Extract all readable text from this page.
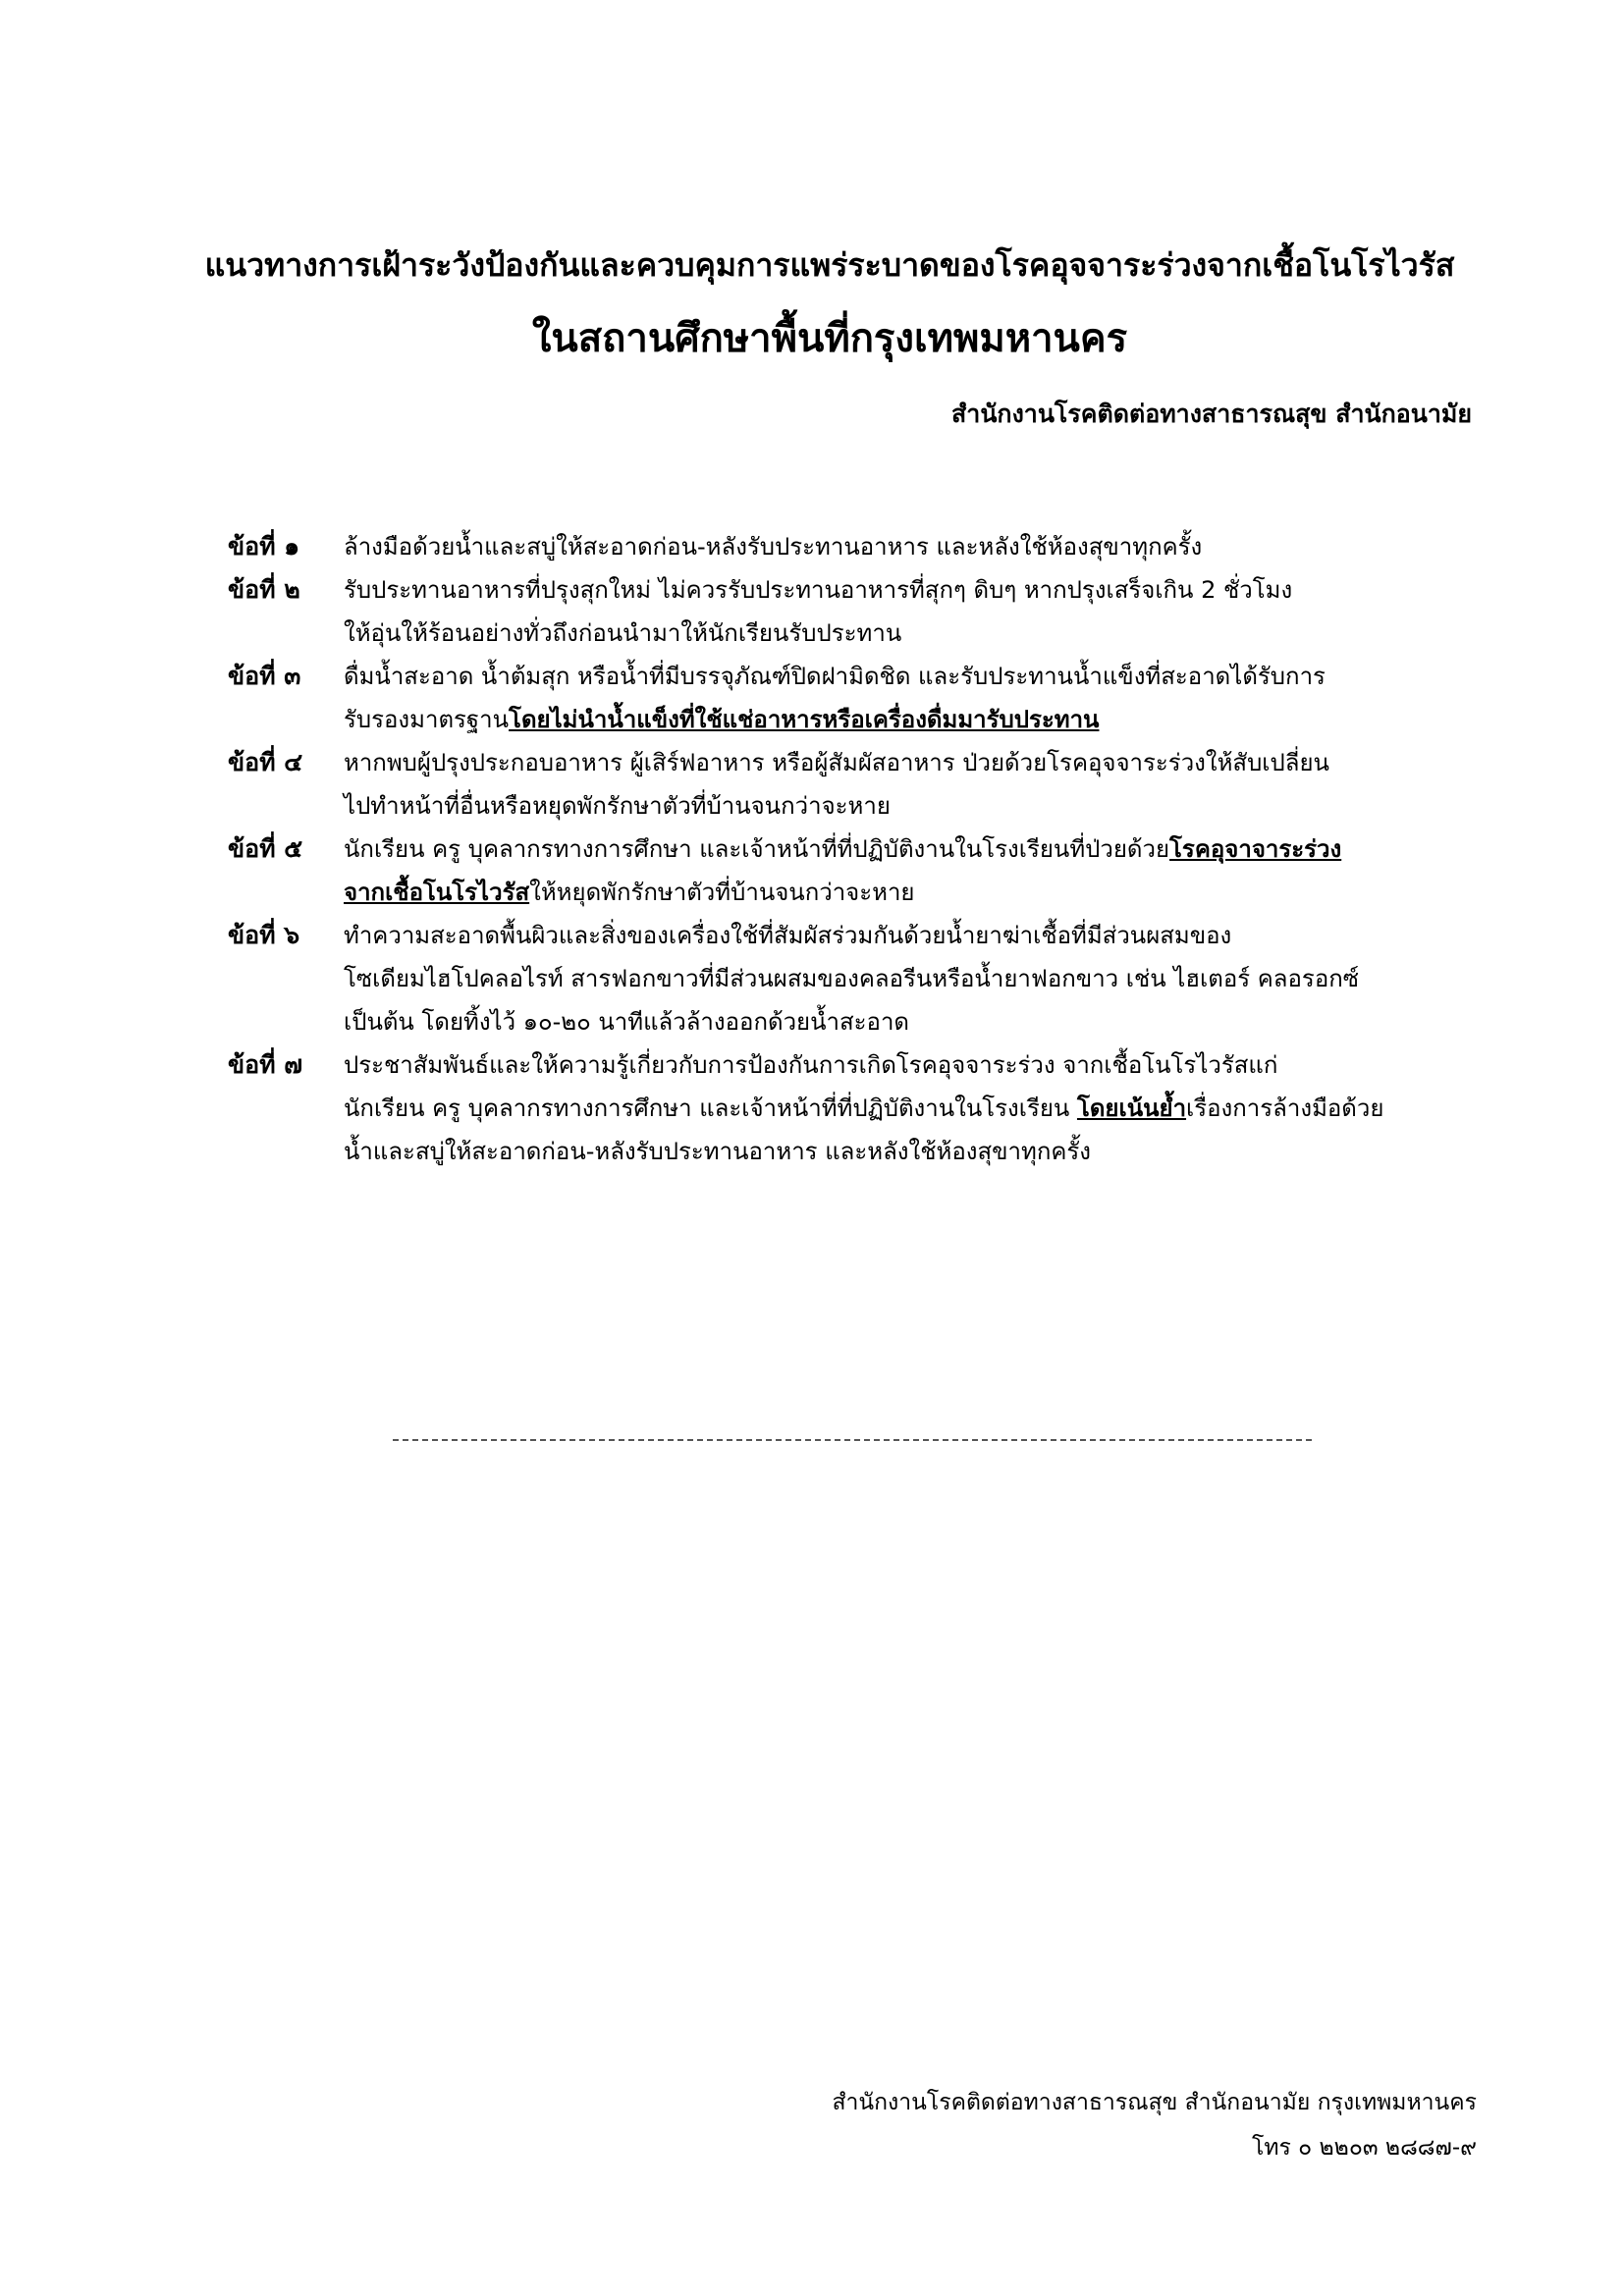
แนวทางการเฝ้าระวังป้องกันและควบคุมการแพร่ระบาดของโรคอุจจาระร่วงจากเชื้อโนโรไวรัส
ในสถานศึกษาพื้นที่กรุงเทพมหานคร
สำนักงานโรคติดต่อทางสาธารณสุข สำนักอนามัย
ข้อที่ ๑	ล้างมือด้วยน้ำและสบู่ให้สะอาดก่อน-หลังรับประทานอาหาร และหลังใช้ห้องสุขาทุกครั้ง
ข้อที่ ๒	รับประทานอาหารที่ปรุงสุกใหม่ ไม่ควรรับประทานอาหารที่สุกๆ ดิบๆ หากปรุงเสร็จเกิน 2 ชั่วโมง
ให้อุ่นให้ร้อนอย่างทั่วถึงก่อนนำมาให้นักเรียนรับประทาน
ข้อที่ ๓	ดื่มน้ำสะอาด น้ำต้มสุก หรือน้ำที่มีบรรจุภัณฑ์ปิดฝามิดชิด และรับประทานน้ำแข็งที่สะอาดได้รับการ
รับรองมาตรฐานโดยไม่นำน้ำแข็งที่ใช้แช่อาหารหรือเครื่องดื่มมารับประทาน
ข้อที่ ๔	หากพบผู้ปรุงประกอบอาหาร ผู้เสิร์ฟอาหาร หรือผู้สัมผัสอาหาร ป่วยด้วยโรคอุจจาระร่วงให้สับเปลี่ยน
ไปทำหน้าที่อื่นหรือหยุดพักรักษาตัวที่บ้านจนกว่าจะหาย
ข้อที่ ๕	นักเรียน ครู บุคลากรทางการศึกษา และเจ้าหน้าที่ที่ปฏิบัติงานในโรงเรียนที่ป่วยด้วยโรคอุจาจาระร่วง
จากเชื้อโนโรไวรัสให้หยุดพักรักษาตัวที่บ้านจนกว่าจะหาย
ข้อที่ ๖	ทำความสะอาดพื้นผิวและสิ่งของเครื่องใช้ที่สัมผัสร่วมกันด้วยน้ำยาฆ่าเชื้อที่มีส่วนผสมของ
โซเดียมไฮโปคลอไรท์ สารฟอกขาวที่มีส่วนผสมของคลอรีนหรือน้ำยาฟอกขาว เช่น ไฮเตอร์ คลอรอกซ์
เป็นต้น โดยทิ้งไว้ ๑๐-๒๐ นาทีแล้วล้างออกด้วยน้ำสะอาด
ข้อที่ ๗	ประชาสัมพันธ์และให้ความรู้เกี่ยวกับการป้องกันการเกิดโรคอุจจาระร่วง จากเชื้อโนโรไวรัสแก่
นักเรียน ครู บุคลากรทางการศึกษา และเจ้าหน้าที่ที่ปฏิบัติงานในโรงเรียน โดยเน้นย้ำเรื่องการล้างมือด้วย
น้ำและสบู่ให้สะอาดก่อน-หลังรับประทานอาหาร และหลังใช้ห้องสุขาทุกครั้ง
สำนักงานโรคติดต่อทางสาธารณสุข สำนักอนามัย กรุงเทพมหานคร
โทร ๐ ๒๒๐๓ ๒๘๘๗-๙
